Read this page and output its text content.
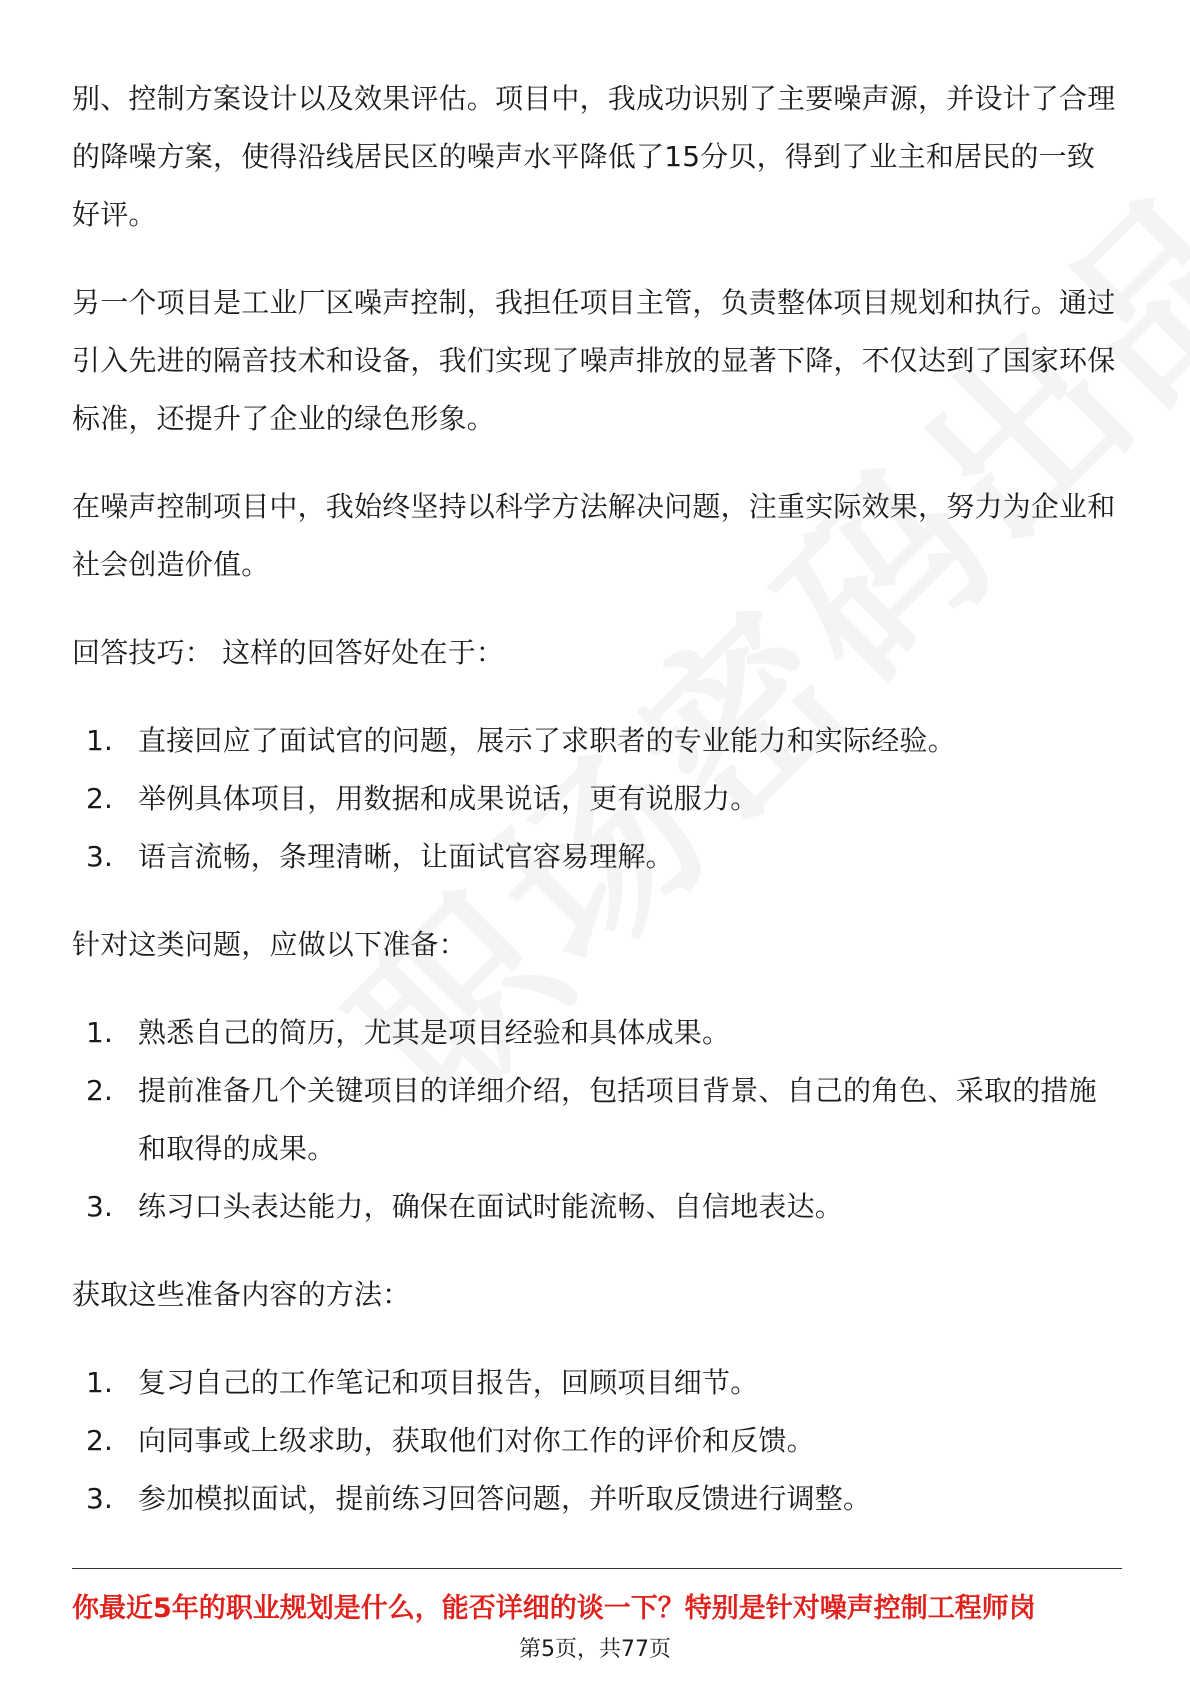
别、控制方案设计以及效果评估。项目中，我成功识别了主要噪声源，并设计了合理的降噪方案，使得沿线居民区的噪声水平降低了15分贝，得到了业主和居民的一致好评。

另一个项目是工业厂区噪声控制，我担任项目主管，负责整体项目规划和执行。通过引入先进的隔音技术和设备，我们实现了噪声排放的显著下降，不仅达到了国家环保标准，还提升了企业的绿色形象。

在噪声控制项目中，我始终坚持以科学方法解决问题，注重实际效果，努力为企业和社会创造价值。

回答技巧： 这样的回答好处在于：

1. 直接回应了面试官的问题，展示了求职者的专业能力和实际经验。
2. 举例具体项目，用数据和成果说话，更有说服力。
3. 语言流畅，条理清晰，让面试官容易理解。

针对这类问题，应做以下准备：

1. 熟悉自己的简历，尤其是项目经验和具体成果。
2. 提前准备几个关键项目的详细介绍，包括项目背景、自己的角色、采取的措施和取得的成果。
3. 练习口头表达能力，确保在面试时能流畅、自信地表达。

获取这些准备内容的方法：

1. 复习自己的工作笔记和项目报告，回顾项目细节。
2. 向同事或上级求助，获取他们对你工作的评价和反馈。
3. 参加模拟面试，提前练习回答问题，并听取反馈进行调整。
你最近5年的职业规划是什么，能否详细的谈一下？特别是针对噪声控制工程师岗
第5页，共77页
